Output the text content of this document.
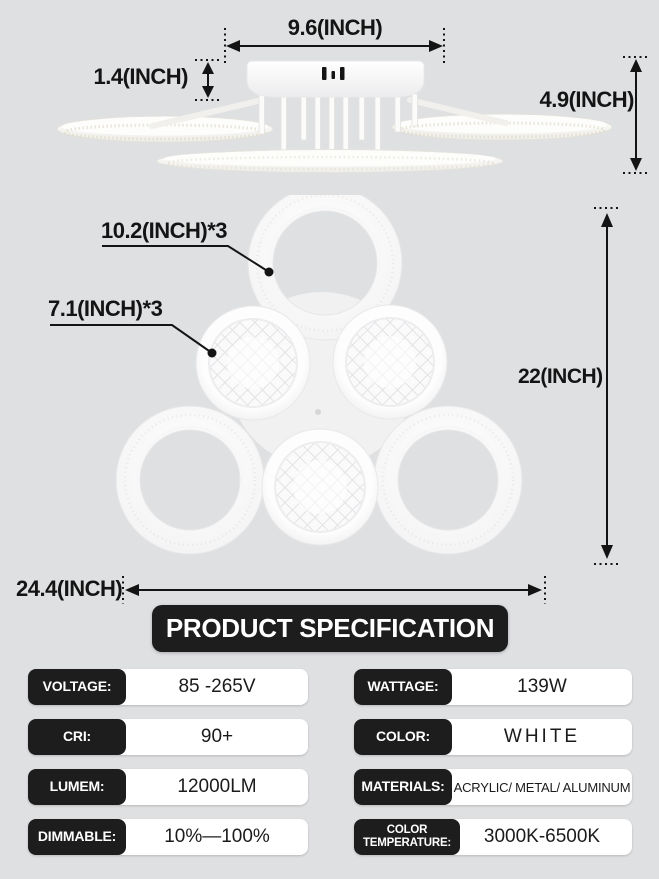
9.6(INCH)
1.4(INCH)
4.9(INCH)
10.2(INCH)*3
7.1(INCH)*3
22(INCH)
24.4(INCH)
PRODUCT SPECIFICATION
VOLTAGE:	85 -265V
CRI:	90+
LUMEM:	12000LM
DIMMABLE:	10%—100%
WATTAGE:	139W
COLOR:	WHITE
MATERIALS: ACRYLIC/ METAL/ ALUMINUM
COLOR TEMPERATURE:	3000K-6500K
